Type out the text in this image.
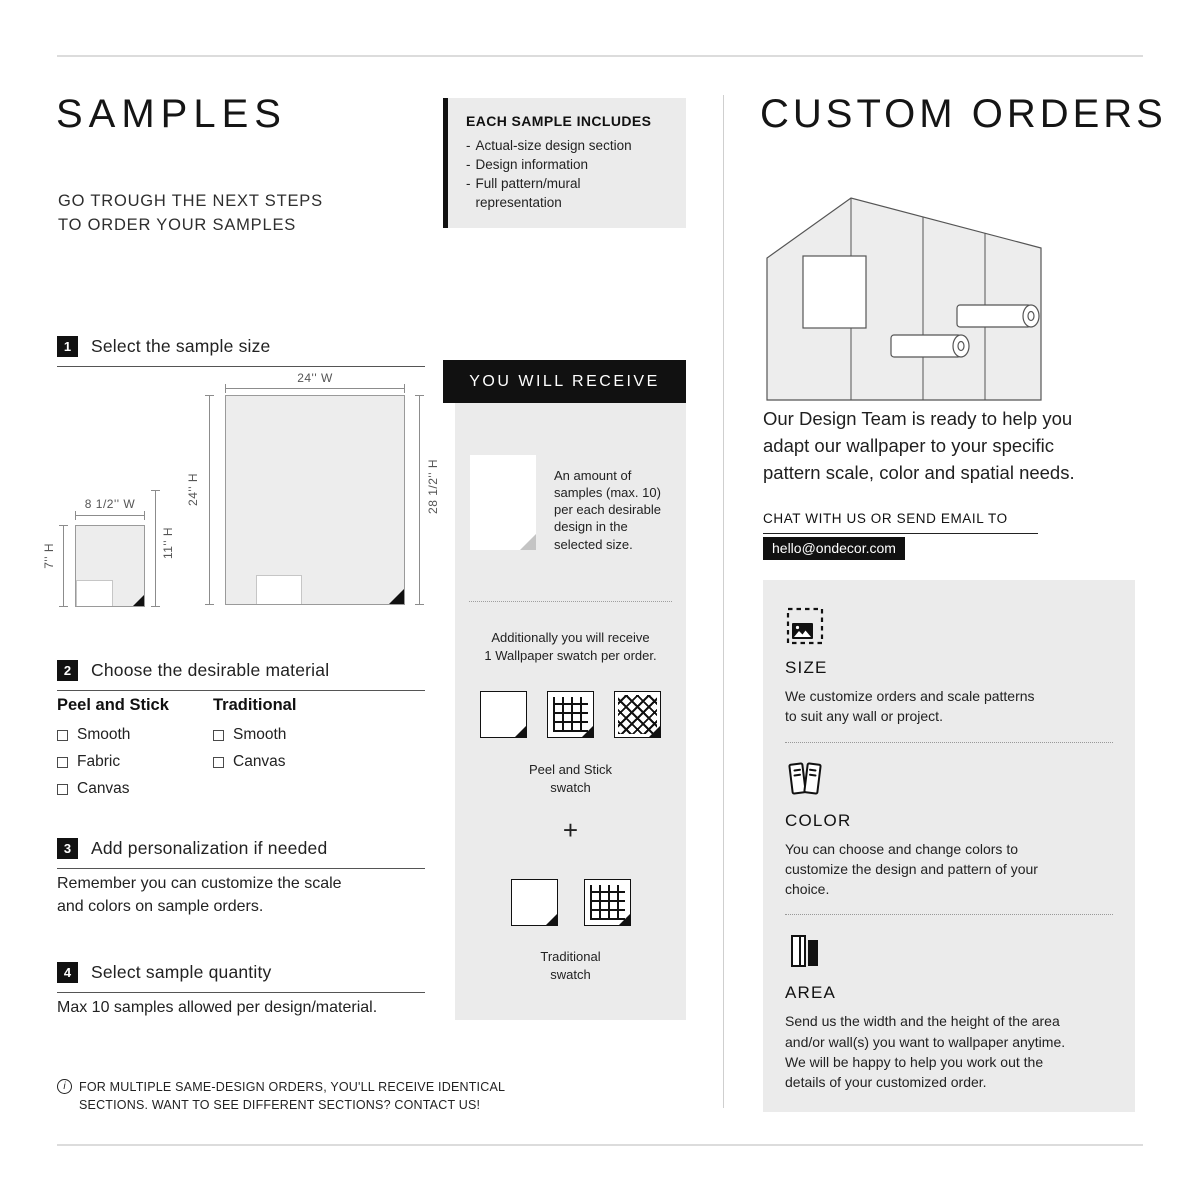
SAMPLES
GO TROUGH THE NEXT STEPS
TO ORDER YOUR SAMPLES
1	Select the sample size
24'' W
24'' H	28 1/2'' H
8 1/2'' W
7'' H	11'' H
2	Choose the desirable material
Peel and Stick
Smooth
Fabric
Canvas
Traditional
Smooth
Canvas
3	Add personalization if needed
Remember you can customize the scale
and colors on sample orders.
4	Select sample quantity
Max 10 samples allowed per design/material.
i	FOR MULTIPLE SAME-DESIGN ORDERS, YOU'LL RECEIVE IDENTICAL
SECTIONS. WANT TO SEE DIFFERENT SECTIONS? CONTACT US!
EACH SAMPLE INCLUDES
- Actual-size design section
- Design information
- Full pattern/mural
representation
YOU WILL RECEIVE
An amount of
samples (max. 10)
per each desirable
design in the
selected size.
Additionally you will receive
1 Wallpaper swatch per order.
Peel and Stick
swatch
+
Traditional
swatch
CUSTOM ORDERS
Our Design Team is ready to help you
adapt our wallpaper to your specific
pattern scale, color and spatial needs.
CHAT WITH US OR SEND EMAIL TO
hello@ondecor.com
SIZE
We customize orders and scale patterns
to suit any wall or project.
COLOR
You can choose and change colors to
customize the design and pattern of your
choice.
AREA
Send us the width and the height of the area
and/or wall(s) you want to wallpaper anytime.
We will be happy to help you work out the
details of your customized order.
